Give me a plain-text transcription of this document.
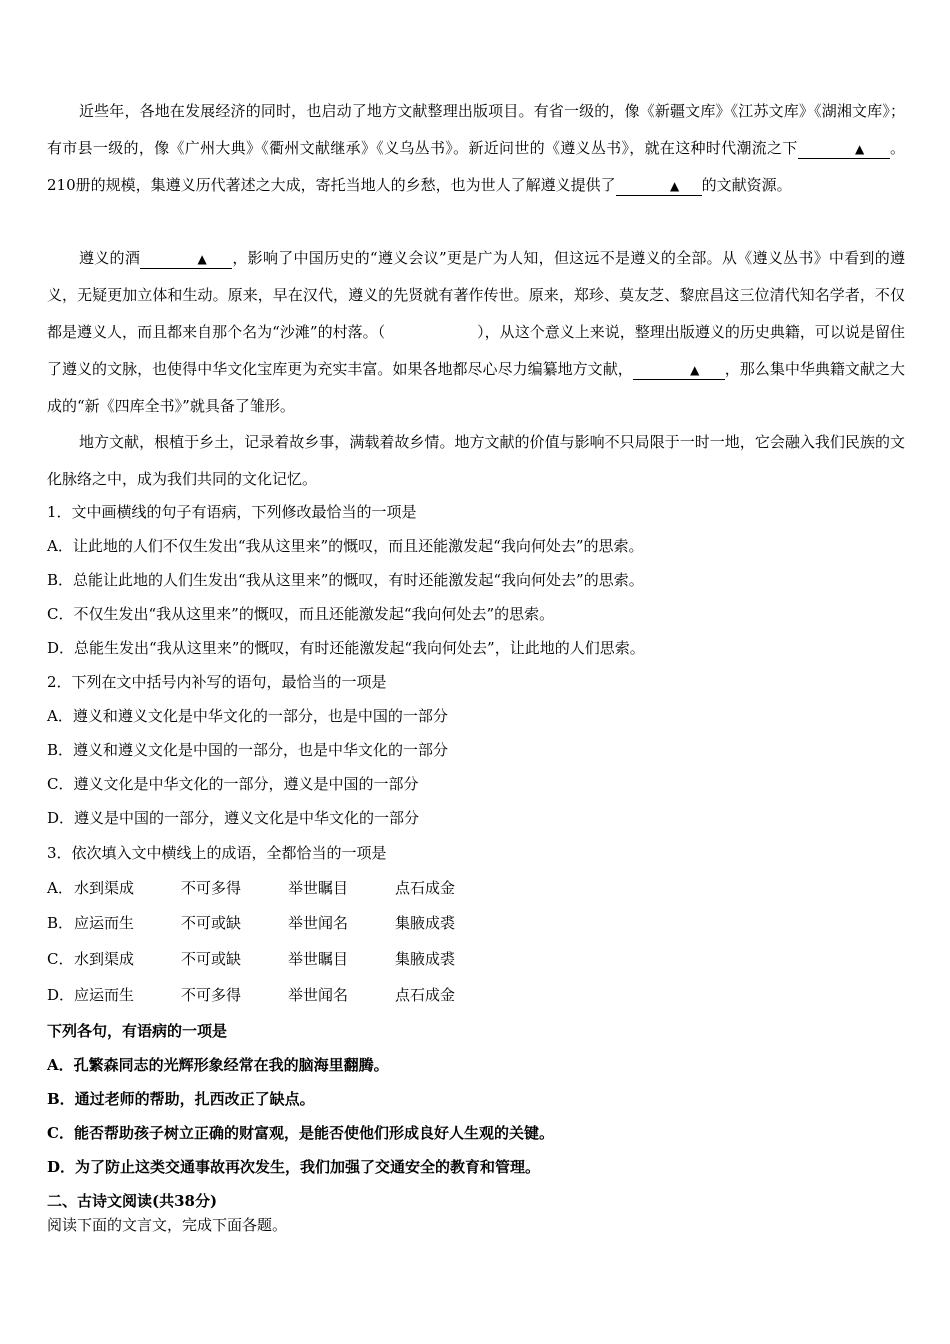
近些年，各地在发展经济的同时，也启动了地方文献整理出版项目。有省一级的，像《新疆文库》《江苏文库》《湖湘文库》；有市县一级的，像《广州大典》《衢州文献继承》《义乌丛书》。新近问世的《遵义丛书》，就在这种时代潮流之下	▲ 。210册的规模，集遵义历代著述之大成，寄托当地人的乡愁，也为世人了解遵义提供了	▲ 的文献资源。

遵义的酒	▲ ，影响了中国历史的“遵义会议”更是广为人知，但这远不是遵义的全部。从《遵义丛书》中看到的遵义，无疑更加立体和生动。原来，早在汉代，遵义的先贤就有著作传世。原来，郑珍、莫友芝、黎庶昌这三位清代知名学者，不仅都是遵义人，而且都来自那个名为“沙滩”的村落。（	），从这个意义上来说，整理出版遵义的历史典籍，可以说是留住了遵义的文脉，也使得中华文化宝库更为充实丰富。如果各地都尽心尽力编纂地方文献，	▲ ，那么集中华典籍文献之大成的“新《四库全书》”就具备了雏形。

地方文献，根植于乡土，记录着故乡事，满载着故乡情。地方文献的价值与影响不只局限于一时一地，它会融入我们民族的文化脉络之中，成为我们共同的文化记忆。

1．文中画横线的句子有语病，下列修改最恰当的一项是
A．让此地的人们不仅生发出“我从这里来”的慨叹，而且还能激发起“我向何处去”的思索。
B．总能让此地的人们生发出“我从这里来”的慨叹，有时还能激发起“我向何处去”的思索。
C．不仅生发出“我从这里来”的慨叹，而且还能激发起“我向何处去”的思索。
D．总能生发出“我从这里来”的慨叹，有时还能激发起“我向何处去”，让此地的人们思索。
2．下列在文中括号内补写的语句，最恰当的一项是
A．遵义和遵义文化是中华文化的一部分，也是中国的一部分
B．遵义和遵义文化是中国的一部分，也是中华文化的一部分
C．遵义文化是中华文化的一部分，遵义是中国的一部分
D．遵义是中国的一部分，遵义文化是中华文化的一部分
3．依次填入文中横线上的成语，全都恰当的一项是
A． 水到渠成	不可多得	举世瞩目	点石成金
B． 应运而生	不可或缺	举世闻名	集腋成裘
C． 水到渠成	不可或缺	举世瞩目	集腋成裘
D． 应运而生	不可多得	举世闻名	点石成金
下列各句，有语病的一项是
A．孔繁森同志的光辉形象经常在我的脑海里翻腾。
B．通过老师的帮助，扎西改正了缺点。
C．能否帮助孩子树立正确的财富观，是能否使他们形成良好人生观的关键。
D．为了防止这类交通事故再次发生，我们加强了交通安全的教育和管理。
二、古诗文阅读(共38分)
阅读下面的文言文，完成下面各题。
